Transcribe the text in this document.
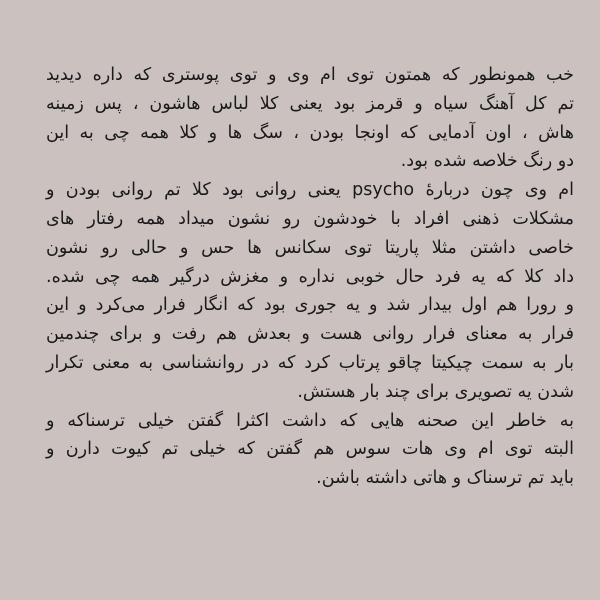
خب همونطور که همتون توی ام وی و توی پوستری که داره دیدید
تم کل آهنگ سیاه و قرمز بود یعنی کلا لباس هاشون ، پس زمینه
هاش ، اون آدمایی که اونجا بودن ، سگ ها و کلا همه چی به این
دو رنگ خلاصه شده بود.
ام وی چون دربارهٔ psycho یعنی روانی بود کلا تم روانی بودن و
مشکلات ذهنی افراد با خودشون رو نشون میداد همه رفتار های
خاصی داشتن مثلا پاریتا توی سکانس ها حس و حالی رو نشون
داد کلا که یه فرد حال خوبی نداره و مغزش درگیر همه چی شده.
و رورا هم اول بیدار شد و یه جوری بود که انگار فرار می‌کرد و این
فرار به معنای فرار روانی هست و بعدش هم رفت و برای چندمین
بار به سمت چیکیتا چاقو پرتاب کرد که در روانشناسی به معنی تکرار
شدن یه تصویری برای چند بار هستش.
به خاطر این صحنه هایی که داشت اکثرا گفتن خیلی ترسناکه و
البته توی ام وی هات سوس هم گفتن که خیلی تم کیوت دارن و
باید تم ترسناک و هاتی داشته باشن.
